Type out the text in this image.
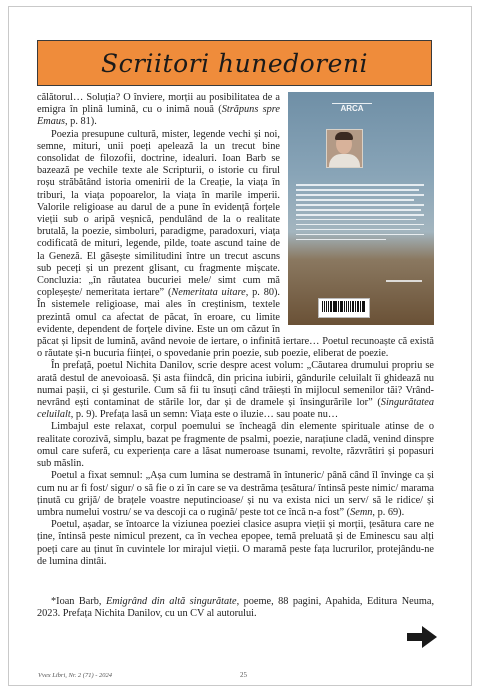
Scriitori hunedoreni
ARCA

călătorul… Soluția? O înviere, morții au posibilitatea de a emigra în plină lumină, cu o inimă nouă (Străpuns spre Emaus, p. 81).

Poezia presupune cultură, mister, legende vechi și noi, semne, mituri, unii poeți apelează la un trecut bine consolidat de filozofii, doctrine, idealuri. Ioan Barb se bazează pe vechile texte ale Scripturii, o istorie cu firul roșu străbătând istoria omenirii de la Creație, la viața în triburi, la viața popoarelor, la viața în marile imperii. Valorile religioase au darul de a pune în evidență forțele vieții sub o aripă veșnică, pendulând de la o realitate brutală, la poezie, simboluri, paradigme, paradoxuri, viața codificată de mituri, legende, pilde, toate ascund taine de la Geneză. El găsește similitudini între un trecut ascuns sub peceți și un prezent glisant, cu fragmente mișcate. Concluzia: „în răutatea bucuriei mele/ simt cum mă copleșește/ nemeritata iertare” (Nemeritata uitare, p. 80). În sistemele religioase, mai ales în creștinism, textele prezintă omul ca afectat de păcat, în eroare, cu limite evidente, dependent de forțele divine. Este un om căzut în păcat și lipsit de lumină, având nevoie de iertare, o infinită iertare… Poetul recunoaște că există o răutate și-n bucuria ființei, o spovedanie prin poezie, sub poezie, eliberat de poezie.

În prefață, poetul Nichita Danilov, scrie despre acest volum: „Căutarea drumului propriu se arată destul de anevoioasă. Și asta fiindcă, din pricina iubirii, gândurile celuilalt îi ghidează nu numai pașii, ci și gesturile. Cum să fii tu însuți când trăiești în mijlocul semenilor tăi? Vrând-nevrând ești contaminat de stările lor, dar și de dramele și însingurările lor” (Singurătatea celuilalt, p. 9). Prefața lasă un semn: Viața este o iluzie… sau poate nu…

Limbajul este relaxat, corpul poemului se încheagă din elemente spirituale atinse de o realitate corozivă, simplu, bazat pe fragmente de psalmi, poezie, narațiune cladă, venind dinspre omul care suferă, cu experiența care a lăsat numeroase tsunami, revolte, răzvrătiri și popasuri sub măslin.

Poetul a fixat semnul: „Așa cum lumina se destramă în întuneric/ până când îl învinge ca și cum nu ar fi fost/ sigur/ o să fie o zi în care se va destrăma țesătura/ întinsă peste nimic/ marama ținută cu grijă/ de brațele voastre neputincioase/ și nu va exista nici un serv/ să le ridice/ și umbra numelui vostru/ se va descoji ca o rugină/ peste tot ce încă n-a fost” (Semn, p. 69).

Poetul, așadar, se întoarce la viziunea poeziei clasice asupra vieții și morții, țesătura care ne ține, întinsă peste nimicul prezent, ca în vechea epopee, temă preluată și de Eminescu sau alți poeți care au ținut în cuvintele lor mirajul vieții. O maramă peste fața lucrurilor, protejându-ne de lumina dintâi.

*Ioan Barb, Emigrând din altă singurătate, poeme, 88 pagini, Apahida, Editura Neuma, 2023. Prefața Nichita Danilov, cu un CV al autorului.

Vvex Libri, Nr. 2 (71) - 2024	25
